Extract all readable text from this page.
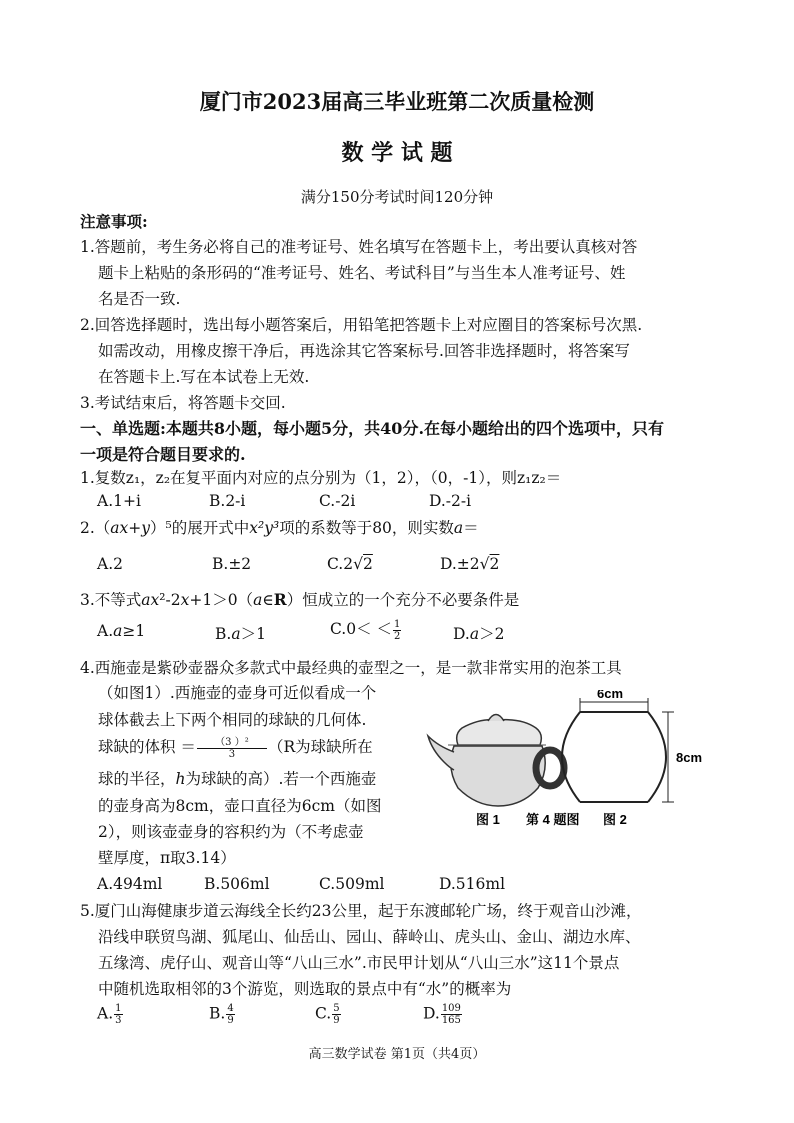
厦门市2023届高三毕业班第二次质量检测
数 学 试 题
满分150分考试时间120分钟
注意事项:
1.答题前，考生务必将自己的准考证号、姓名填写在答题卡上，考出要认真核对答
题卡上粘贴的条形码的“准考证号、姓名、考试科目”与当生本人准考证号、姓
名是否一致.
2.回答选择题时，选出每小题答案后，用铅笔把答题卡上对应圈目的答案标号次黑.
如需改动，用橡皮擦干净后，再选涂其它答案标号.回答非选择题时，将答案写
在答题卡上.写在本试卷上无效.
3.考试结束后，将答题卡交回.
一、单选题:本题共8小题，每小题5分，共40分.在每小题给出的四个选项中，只有
一项是符合题目要求的.
1.复数z₁，z₂在复平面内对应的点分别为（1，2），（0，-1），则z₁z₂＝
A.1+i	B.2-i	C.-2i	D.-2-i
2.（ax+y）⁵的展开式中x²y³项的系数等于80，则实数a＝
A.2	B.±2	C.2√2	D.±2√2
3.不等式ax²-2x+1＞0（a∈R）恒成立的一个充分不必要条件是
A.a≥1	B.a＞1	$C.0< < \frac{1}{2}$	D.a＞2
4.西施壶是紫砂壶器众多款式中最经典的壶型之一，是一款非常实用的泡茶工具
（如图1）.西施壶的壶身可近似看成一个
球体截去上下两个相同的球缺的几何体.
球缺的体积 ＝ $\frac{\text{（3 ）²}}{3} (R$为球缺所在
球的半径，h为球缺的高）.若一个西施壶
的壶身高为8cm，壶口直径为6cm（如图
2），则该壶壶身的容积约为（不考虑壶
壁厚度，π取3.14）
6cm
8cm
图 1 第 4 题图 图 2
A.494ml	B.506ml	C.509ml	D.516ml
5.厦门山海健康步道云海线全长约23公里，起于东渡邮轮广场，终于观音山沙滩，
沿线申联贸鸟湖、狐尾山、仙岳山、园山、薛岭山、虎头山、金山、湖边水库、
五缘湾、虎仔山、观音山等“八山三水”.市民甲计划从“八山三水”这11个景点
中随机选取相邻的3个游览，则选取的景点中有“水”的概率为
A. $\frac{1}{3}$	B. $\frac{4}{9}$	C. $\frac{5}{9}$	D. $\frac{109}{165}$
高三数学试卷 第1页（共4页）
